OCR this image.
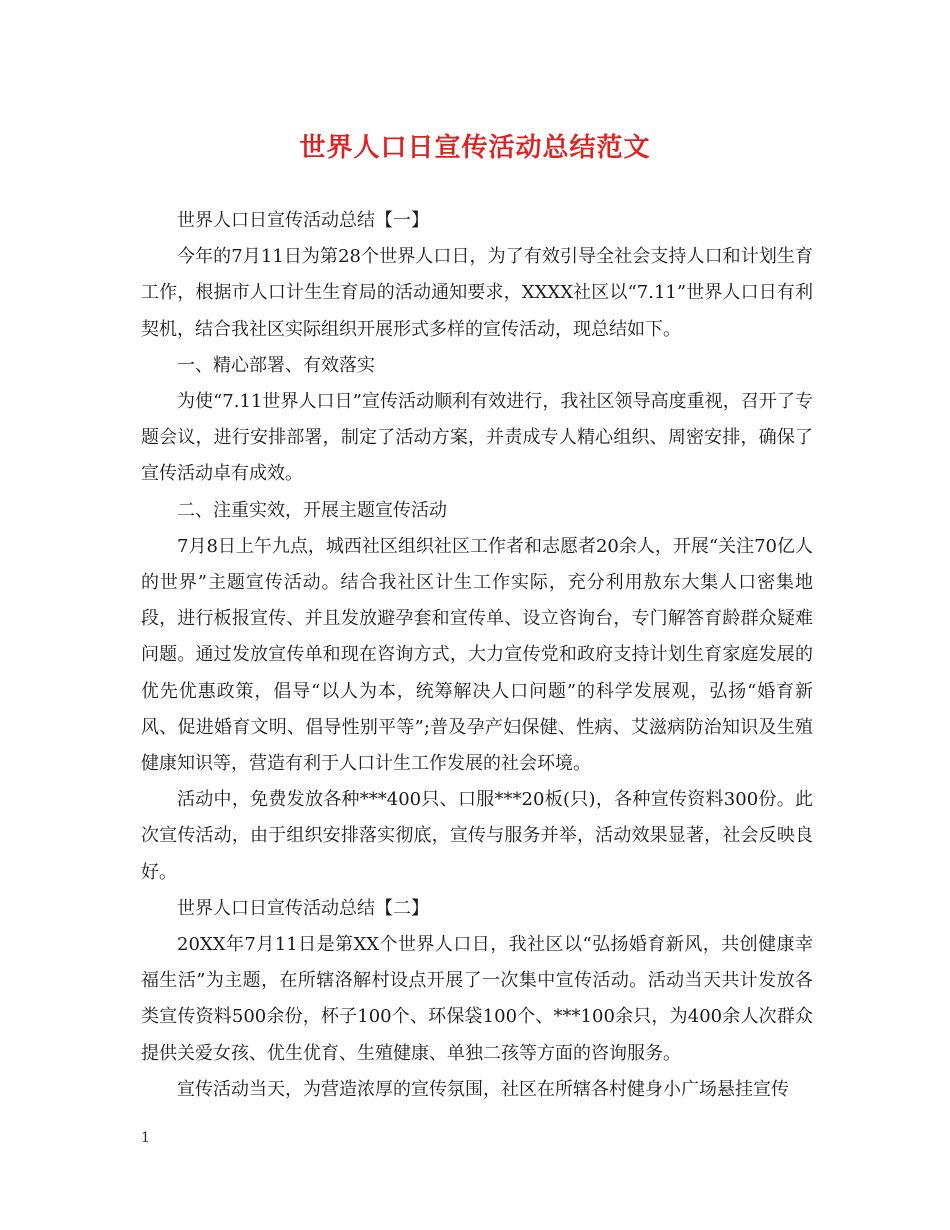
世界人口日宣传活动总结范文

世界人口日宣传活动总结【一】

今年的7月11日为第28个世界人口日，为了有效引导全社会支持人口和计划生育工作，根据市人口计生生育局的活动通知要求，XXXX社区以“7.11”世界人口日有利契机，结合我社区实际组织开展形式多样的宣传活动，现总结如下。

一、精心部署、有效落实

为使“7.11世界人口日”宣传活动顺利有效进行，我社区领导高度重视，召开了专题会议，进行安排部署，制定了活动方案，并责成专人精心组织、周密安排，确保了宣传活动卓有成效。

二、注重实效，开展主题宣传活动

7月8日上午九点，城西社区组织社区工作者和志愿者20余人，开展“关注70亿人的世界”主题宣传活动。结合我社区计生工作实际，充分利用敖东大集人口密集地段，进行板报宣传、并且发放避孕套和宣传单、设立咨询台，专门解答育龄群众疑难问题。通过发放宣传单和现在咨询方式，大力宣传党和政府支持计划生育家庭发展的优先优惠政策，倡导“以人为本，统筹解决人口问题”的科学发展观，弘扬“婚育新风、促进婚育文明、倡导性别平等”;普及孕产妇保健、性病、艾滋病防治知识及生殖健康知识等，营造有利于人口计生工作发展的社会环境。

活动中，免费发放各种***400只、口服***20板(只)，各种宣传资料300份。此次宣传活动，由于组织安排落实彻底，宣传与服务并举，活动效果显著，社会反映良好。

世界人口日宣传活动总结【二】

20XX年7月11日是第XX个世界人口日，我社区以“弘扬婚育新风，共创健康幸福生活”为主题，在所辖洛解村设点开展了一次集中宣传活动。活动当天共计发放各类宣传资料500余份，杯子100个、环保袋100个、***100余只，为400余人次群众提供关爱女孩、优生优育、生殖健康、单独二孩等方面的咨询服务。

宣传活动当天，为营造浓厚的宣传氛围，社区在所辖各村健身小广场悬挂宣传

1
